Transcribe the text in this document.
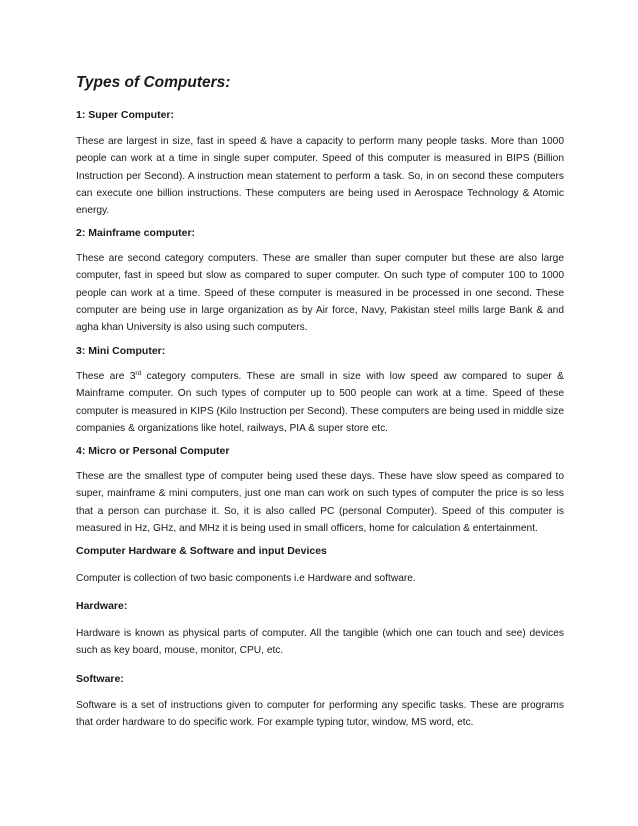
Types of Computers:
1: Super Computer:

These are largest in size, fast in speed & have a capacity to perform many people tasks. More than 1000 people can work at a time in single super computer. Speed of this computer is measured in BIPS (Billion Instruction per Second). A instruction mean statement to perform a task. So, in on second these computers can execute one billion instructions. These computers are being used in Aerospace Technology & Atomic energy.

2: Mainframe computer:

These are second category computers. These are smaller than super computer but these are also large computer, fast in speed but slow as compared to super computer. On such type of computer 100 to 1000 people can work at a time. Speed of these computer is measured in be processed in one second. These computer are being use in large organization as by Air force, Navy, Pakistan steel mills large Bank & and agha khan University is also using such computers.

3: Mini Computer:

These are 3rd category computers. These are small in size with low speed aw compared to super & Mainframe computer. On such types of computer up to 500 people can work at a time. Speed of these computer is measured in KIPS (Kilo Instruction per Second). These computers are being used in middle size companies & organizations like hotel, railways, PIA & super store etc.

4: Micro or Personal Computer

These are the smallest type of computer being used these days. These have slow speed as compared to super, mainframe & mini computers, just one man can work on such types of computer the price is so less that a person can purchase it. So, it is also called PC (personal Computer). Speed of this computer is measured in Hz, GHz, and MHz it is being used in small officers, home for calculation & entertainment.

Computer Hardware & Software and input Devices

Computer is collection of two basic components i.e Hardware and software.

Hardware:

Hardware is known as physical parts of computer. All the tangible (which one can touch and see) devices such as key board, mouse, monitor, CPU, etc.

Software:

Software is a set of instructions given to computer for performing any specific tasks. These are programs that order hardware to do specific work. For example typing tutor, window, MS word, etc.
